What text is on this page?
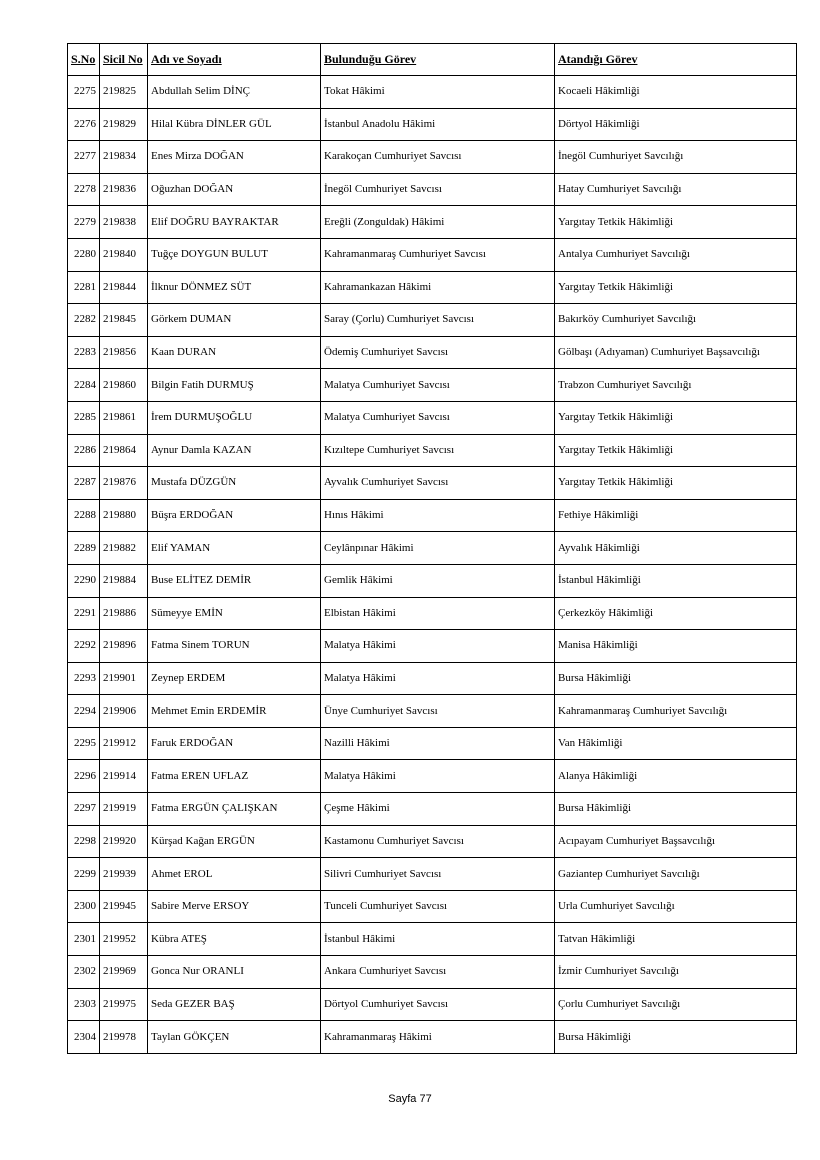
S.No	Sicil No	Adı ve Soyadı	Bulunduğu Görev	Atandığı Görev
2275	219825	Abdullah Selim DİNÇ	Tokat Hâkimi	Kocaeli Hâkimliği
2276	219829	Hilal Kübra DİNLER GÜL	İstanbul Anadolu Hâkimi	Dörtyol Hâkimliği
2277	219834	Enes Mirza DOĞAN	Karakoçan Cumhuriyet Savcısı	İnegöl Cumhuriyet Savcılığı
2278	219836	Oğuzhan DOĞAN	İnegöl Cumhuriyet Savcısı	Hatay Cumhuriyet Savcılığı
2279	219838	Elif DOĞRU BAYRAKTAR	Ereğli (Zonguldak) Hâkimi	Yargıtay Tetkik Hâkimliği
2280	219840	Tuğçe DOYGUN BULUT	Kahramanmaraş Cumhuriyet Savcısı	Antalya Cumhuriyet Savcılığı
2281	219844	İlknur DÖNMEZ SÜT	Kahramankazan Hâkimi	Yargıtay Tetkik Hâkimliği
2282	219845	Görkem DUMAN	Saray (Çorlu) Cumhuriyet Savcısı	Bakırköy Cumhuriyet Savcılığı
2283	219856	Kaan DURAN	Ödemiş Cumhuriyet Savcısı	Gölbaşı (Adıyaman) Cumhuriyet Başsavcılığı
2284	219860	Bilgin Fatih DURMUŞ	Malatya Cumhuriyet Savcısı	Trabzon Cumhuriyet Savcılığı
2285	219861	İrem DURMUŞOĞLU	Malatya Cumhuriyet Savcısı	Yargıtay Tetkik Hâkimliği
2286	219864	Aynur Damla KAZAN	Kızıltepe Cumhuriyet Savcısı	Yargıtay Tetkik Hâkimliği
2287	219876	Mustafa DÜZGÜN	Ayvalık Cumhuriyet Savcısı	Yargıtay Tetkik Hâkimliği
2288	219880	Büşra ERDOĞAN	Hınıs Hâkimi	Fethiye Hâkimliği
2289	219882	Elif YAMAN	Ceylânpınar Hâkimi	Ayvalık Hâkimliği
2290	219884	Buse ELİTEZ DEMİR	Gemlik Hâkimi	İstanbul Hâkimliği
2291	219886	Sümeyye EMİN	Elbistan Hâkimi	Çerkezköy Hâkimliği
2292	219896	Fatma Sinem TORUN	Malatya Hâkimi	Manisa Hâkimliği
2293	219901	Zeynep ERDEM	Malatya Hâkimi	Bursa Hâkimliği
2294	219906	Mehmet Emin ERDEMİR	Ünye Cumhuriyet Savcısı	Kahramanmaraş Cumhuriyet Savcılığı
2295	219912	Faruk ERDOĞAN	Nazilli Hâkimi	Van Hâkimliği
2296	219914	Fatma EREN UFLAZ	Malatya Hâkimi	Alanya Hâkimliği
2297	219919	Fatma ERGÜN ÇALIŞKAN	Çeşme Hâkimi	Bursa Hâkimliği
2298	219920	Kürşad Kağan ERGÜN	Kastamonu Cumhuriyet Savcısı	Acıpayam Cumhuriyet Başsavcılığı
2299	219939	Ahmet EROL	Silivri Cumhuriyet Savcısı	Gaziantep Cumhuriyet Savcılığı
2300	219945	Sabire Merve ERSOY	Tunceli Cumhuriyet Savcısı	Urla Cumhuriyet Savcılığı
2301	219952	Kübra ATEŞ	İstanbul Hâkimi	Tatvan Hâkimliği
2302	219969	Gonca Nur ORANLI	Ankara Cumhuriyet Savcısı	İzmir Cumhuriyet Savcılığı
2303	219975	Seda GEZER BAŞ	Dörtyol Cumhuriyet Savcısı	Çorlu Cumhuriyet Savcılığı
2304	219978	Taylan GÖKÇEN	Kahramanmaraş Hâkimi	Bursa Hâkimliği
Sayfa 77
